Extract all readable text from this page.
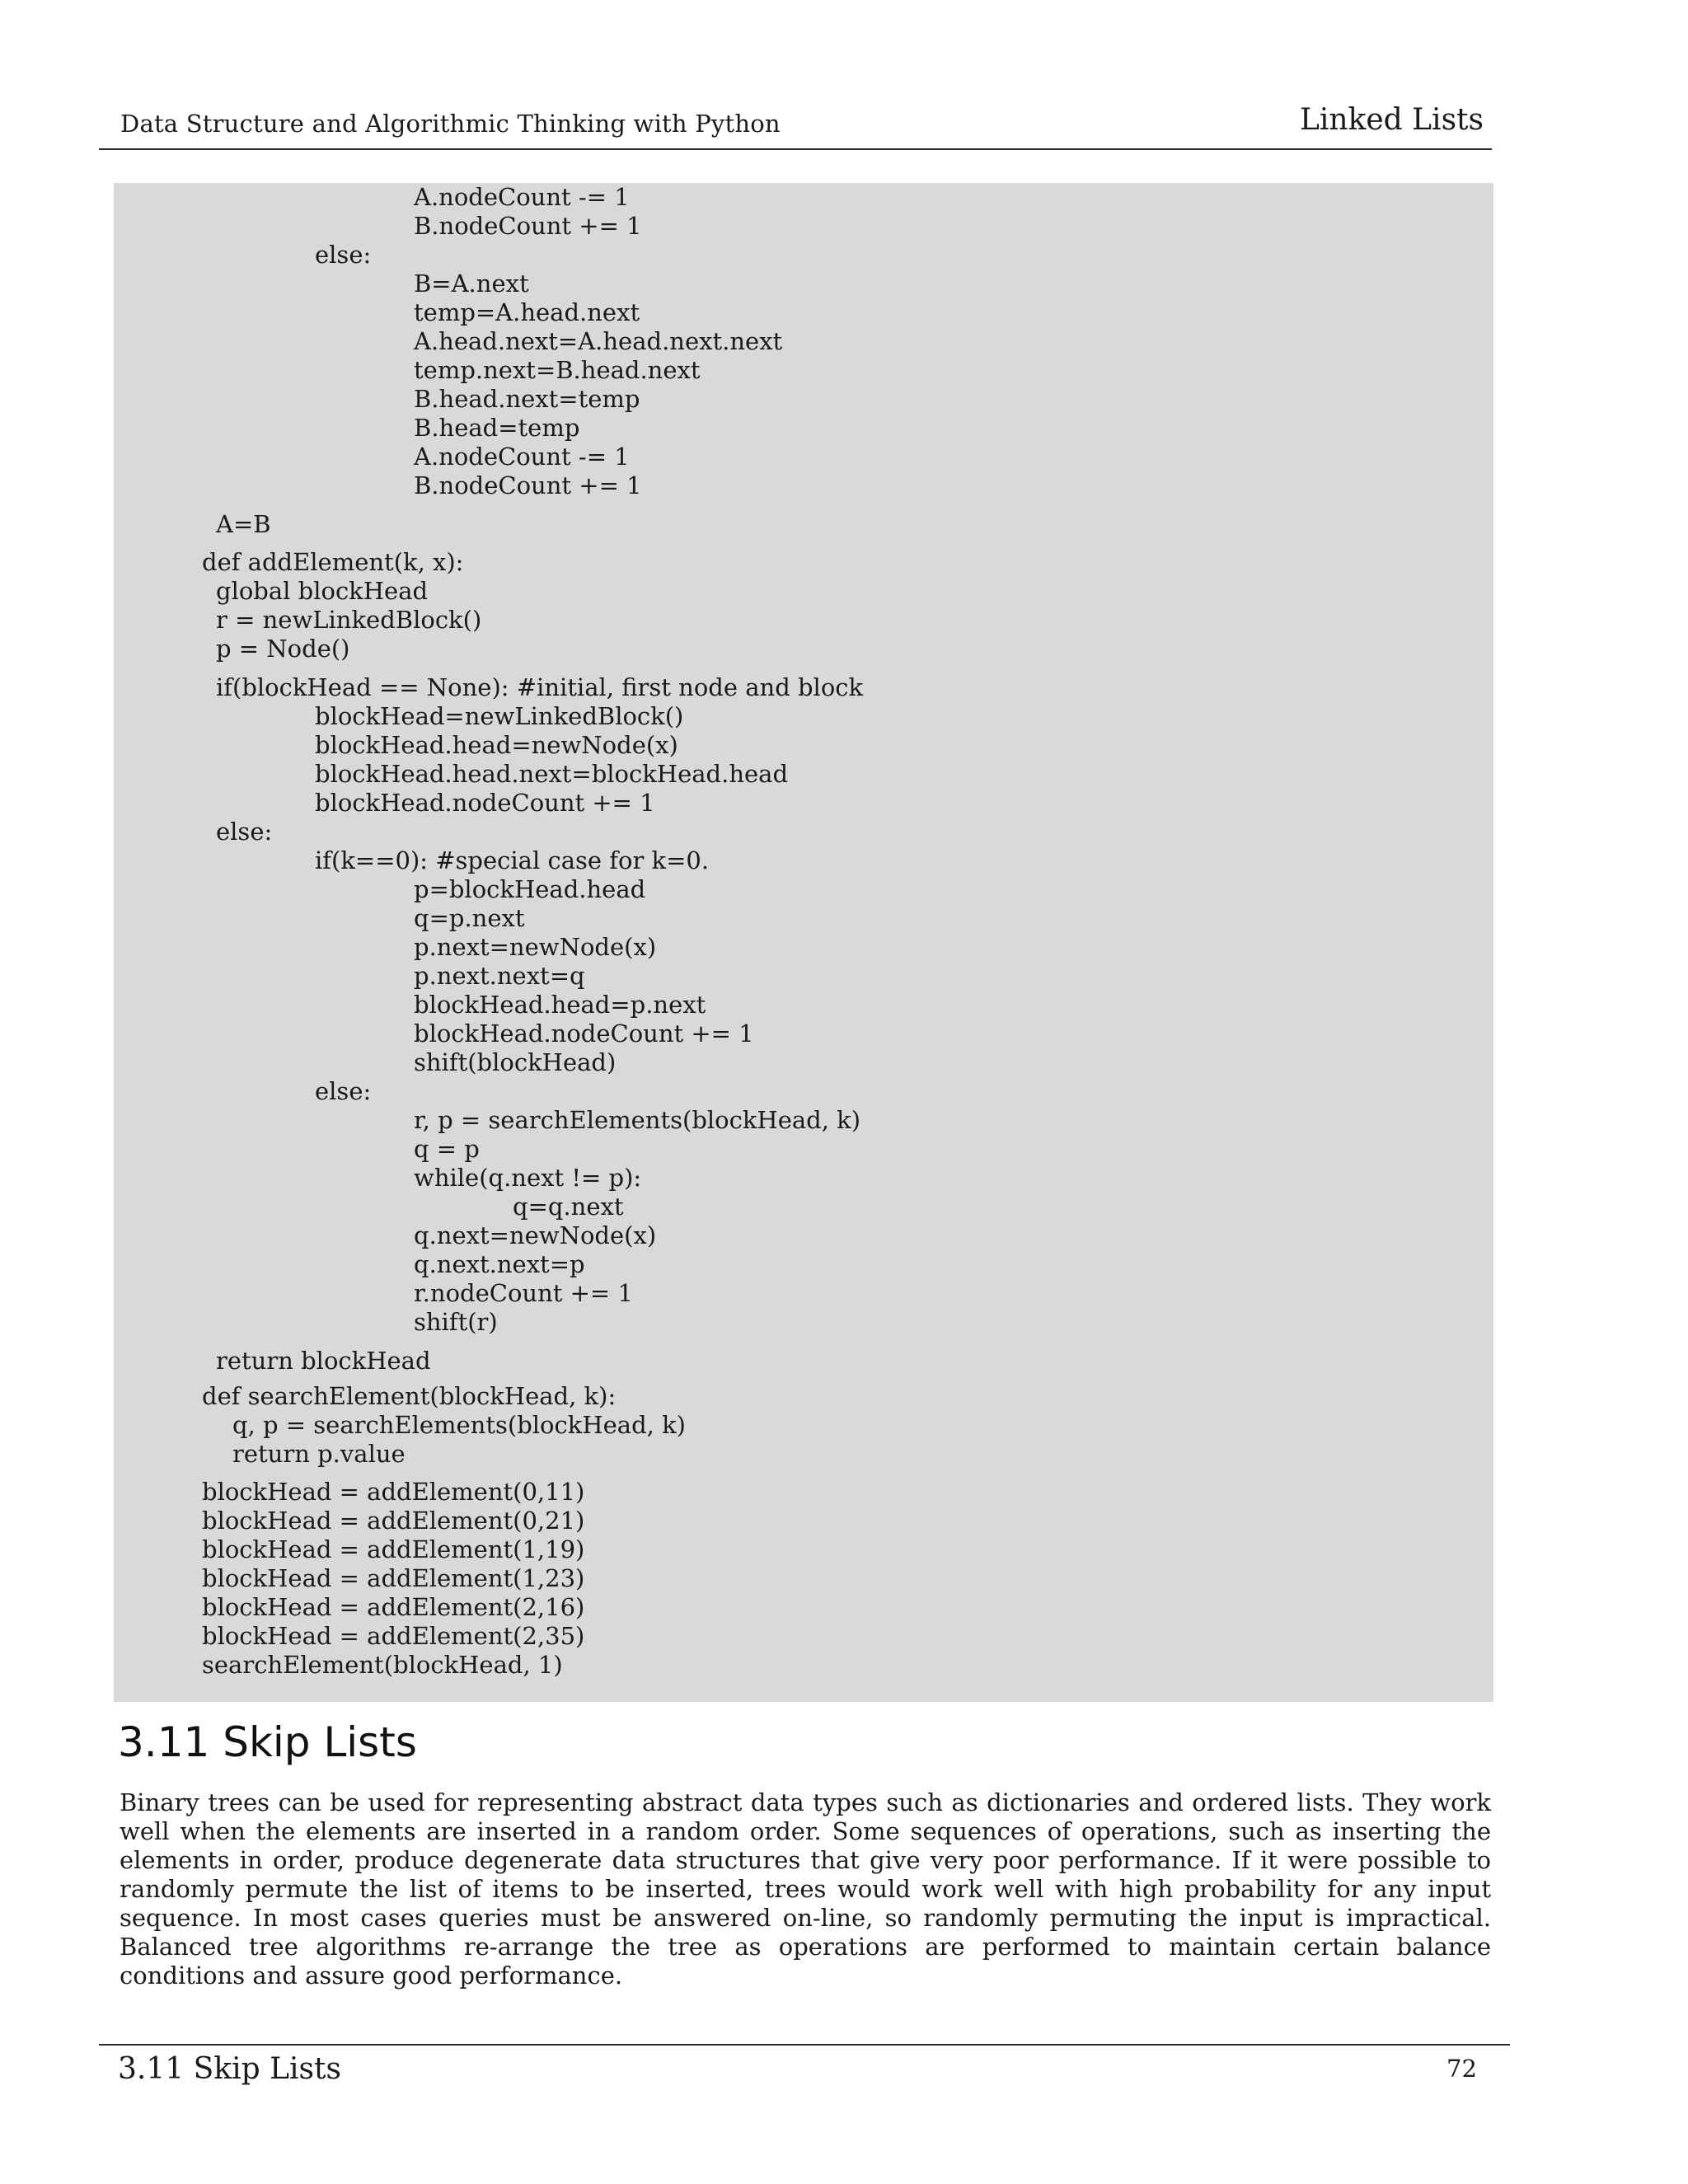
Data Structure and Algorithmic Thinking with Python	Linked Lists
A.nodeCount -= 1
B.nodeCount += 1
else:
B=A.next
temp=A.head.next
A.head.next=A.head.next.next
temp.next=B.head.next
B.head.next=temp
B.head=temp
A.nodeCount -= 1
B.nodeCount += 1
A=B
def addElement(k, x):
global blockHead
r = newLinkedBlock()
p = Node()
if(blockHead == None): #initial, first node and block
blockHead=newLinkedBlock()
blockHead.head=newNode(x)
blockHead.head.next=blockHead.head
blockHead.nodeCount += 1
else:
if(k==0): #special case for k=0.
p=blockHead.head
q=p.next
p.next=newNode(x)
p.next.next=q
blockHead.head=p.next
blockHead.nodeCount += 1
shift(blockHead)
else:
r, p = searchElements(blockHead, k)
q = p
while(q.next != p):
q=q.next
q.next=newNode(x)
q.next.next=p
r.nodeCount += 1
shift(r)
return blockHead
def searchElement(blockHead, k):
q, p = searchElements(blockHead, k)
return p.value
blockHead = addElement(0,11)
blockHead = addElement(0,21)
blockHead = addElement(1,19)
blockHead = addElement(1,23)
blockHead = addElement(2,16)
blockHead = addElement(2,35)
searchElement(blockHead, 1)
3.11 Skip Lists
Binary trees can be used for representing abstract data types such as dictionaries and ordered lists. They work well when the elements are inserted in a random order. Some sequences of operations, such as inserting the elements in order, produce degenerate data structures that give very poor performance. If it were possible to randomly permute the list of items to be inserted, trees would work well with high probability for any input sequence. In most cases queries must be answered on-line, so randomly permuting the input is impractical. Balanced tree algorithms re-arrange the tree as operations are performed to maintain certain balance conditions and assure good performance.
3.11 Skip Lists	72
